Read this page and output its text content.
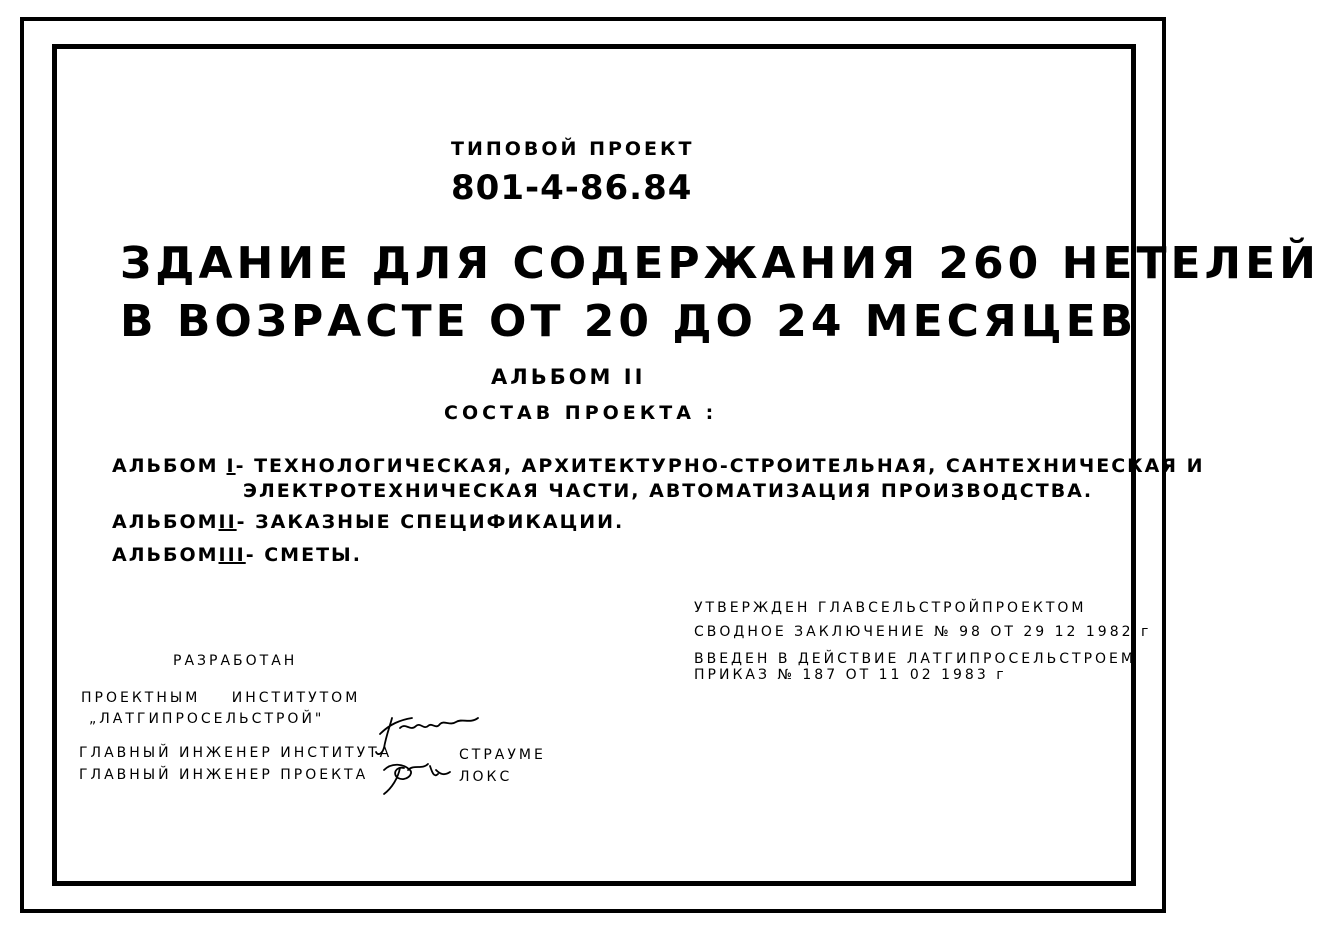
ТИПОВОЙ ПРОЕКТ
801-4-86.84
ЗДАНИЕ ДЛЯ СОДЕРЖАНИЯ 260 НЕТЕЛЕЙ
В ВОЗРАСТЕ ОТ 20 ДО 24 МЕСЯЦЕВ
АЛЬБОМ II
СОСТАВ ПРОЕКТА :
АЛЬБОМ I - ТЕХНОЛОГИЧЕСКАЯ, АРХИТЕКТУРНО-СТРОИТЕЛЬНАЯ, САНТЕХНИЧЕСКАЯ И
ЭЛЕКТРОТЕХНИЧЕСКАЯ ЧАСТИ, АВТОМАТИЗАЦИЯ ПРОИЗВОДСТВА.
АЛЬБОМ II - ЗАКАЗНЫЕ СПЕЦИФИКАЦИИ.
АЛЬБОМ III - СМЕТЫ.
УТВЕРЖДЕН ГЛАВСЕЛЬСТРОЙПРОЕКТОМ
СВОДНОЕ ЗАКЛЮЧЕНИЕ № 98 ОТ 29 12 1982 г
ВВЕДЕН В ДЕЙСТВИЕ ЛАТГИПРОСЕЛЬСТРОЕМ
ПРИКАЗ № 187 ОТ 11 02 1983 г
РАЗРАБОТАН
ПРОЕКТНЫМ ИНСТИТУТОМ
„ЛАТГИПРОСЕЛЬСТРОЙ"
ГЛАВНЫЙ ИНЖЕНЕР ИНСТИТУТА
ГЛАВНЫЙ ИНЖЕНЕР ПРОЕКТА
СТРАУМЕ
ЛОКС
